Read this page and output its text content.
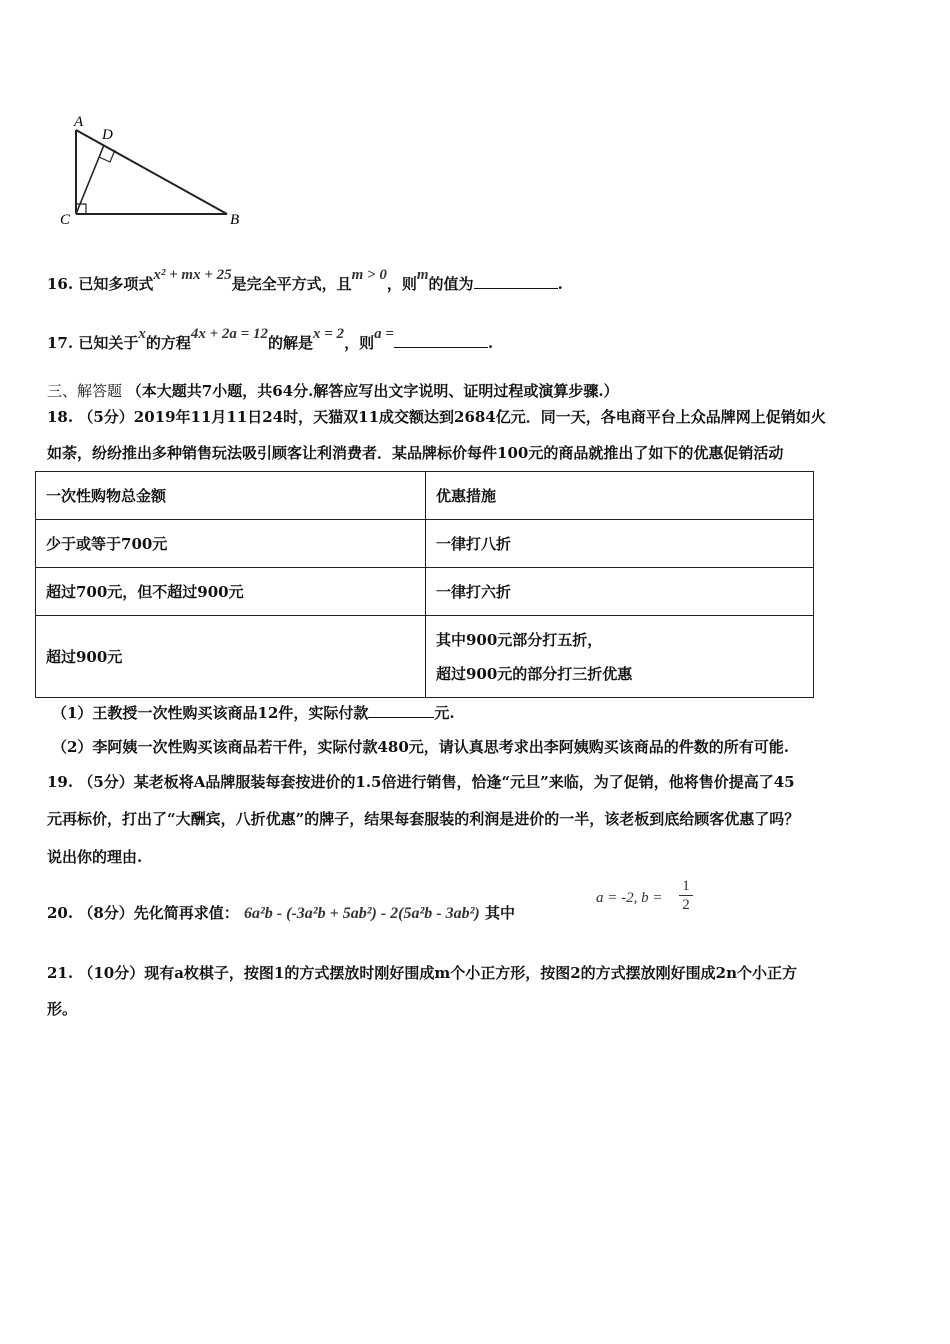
A
D
C	B
16. 已知多项式x² + mx + 25是完全平方式，且m > 0，则m的值为	.
17. 已知关于x的方程4x + 2a = 12的解是x = 2，则a =	.
三、解答题 （本大题共7小题，共64分.解答应写出文字说明、证明过程或演算步骤.）
18. （5分）2019年11月11日24时，天猫双11成交额达到2684亿元．同一天，各电商平台上众品牌网上促销如火
如荼，纷纷推出多种销售玩法吸引顾客让利消费者．某品牌标价每件100元的商品就推出了如下的优惠促销活动
一次性购物总金额	优惠措施
少于或等于700元	一律打八折
超过700元，但不超过900元	一律打六折
超过900元	其中900元部分打五折，
超过900元的部分打三折优惠
（1）王教授一次性购买该商品12件，实际付款	元.
（2）李阿姨一次性购买该商品若干件，实际付款480元，请认真思考求出李阿姨购买该商品的件数的所有可能.
19. （5分）某老板将A品牌服装每套按进价的1.5倍进行销售，恰逢“元旦”来临，为了促销，他将售价提高了45
元再标价，打出了“大酬宾，八折优惠”的牌子，结果每套服装的利润是进价的一半，该老板到底给顾客优惠了吗？
说出你的理由.
20. （8分）先化简再求值： 6a²b - (-3a²b + 5ab²) - 2(5a²b - 3ab²) 其中
a = -2, b =
1
2
21. （10分）现有a枚棋子，按图1的方式摆放时刚好围成m个小正方形，按图2的方式摆放刚好围成2n个小正方
形。
